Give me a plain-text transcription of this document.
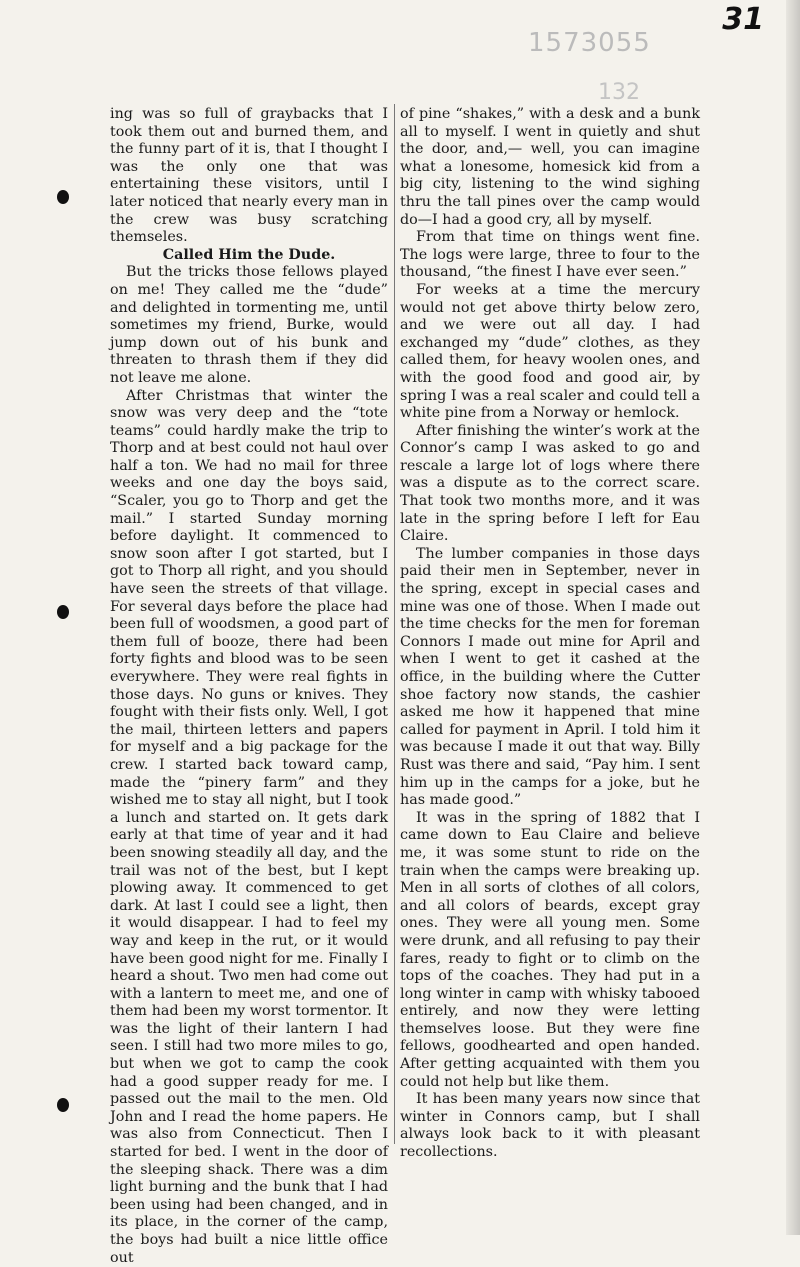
31
1573055
132

ing was so full of graybacks that I took them out and burned them, and the funny part of it is, that I thought I was the only one that was entertaining these visitors, until I later noticed that nearly every man in the crew was busy scratching themseles.

Called Him the Dude.

But the tricks those fellows played on me! They called me the “dude” and delighted in tormenting me, until sometimes my friend, Burke, would jump down out of his bunk and threaten to thrash them if they did not leave me alone.

After Christmas that winter the snow was very deep and the “tote teams” could hardly make the trip to Thorp and at best could not haul over half a ton. We had no mail for three weeks and one day the boys said, “Scaler, you go to Thorp and get the mail.” I started Sunday morning before daylight. It commenced to snow soon after I got started, but I got to Thorp all right, and you should have seen the streets of that village. For several days before the place had been full of woodsmen, a good part of them full of booze, there had been forty fights and blood was to be seen everywhere. They were real fights in those days. No guns or knives. They fought with their fists only. Well, I got the mail, thirteen letters and papers for myself and a big package for the crew. I started back toward camp, made the “pinery farm” and they wished me to stay all night, but I took a lunch and started on. It gets dark early at that time of year and it had been snowing steadily all day, and the trail was not of the best, but I kept plowing away. It commenced to get dark. At last I could see a light, then it would disappear. I had to feel my way and keep in the rut, or it would have been good night for me. Finally I heard a shout. Two men had come out with a lantern to meet me, and one of them had been my worst tormentor. It was the light of their lantern I had seen. I still had two more miles to go, but when we got to camp the cook had a good supper ready for me. I passed out the mail to the men. Old John and I read the home papers. He was also from Connecticut. Then I started for bed. I went in the door of the sleeping shack. There was a dim light burning and the bunk that I had been using had been changed, and in its place, in the corner of the camp, the boys had built a nice little office out

of pine “shakes,” with a desk and a bunk all to myself. I went in quietly and shut the door, and,— well, you can imagine what a lonesome, homesick kid from a big city, listening to the wind sighing thru the tall pines over the camp would do—I had a good cry, all by myself.

From that time on things went fine. The logs were large, three to four to the thousand, “the finest I have ever seen.”

For weeks at a time the mercury would not get above thirty below zero, and we were out all day. I had exchanged my “dude” clothes, as they called them, for heavy woolen ones, and with the good food and good air, by spring I was a real scaler and could tell a white pine from a Norway or hemlock.

After finishing the winter’s work at the Connor’s camp I was asked to go and rescale a large lot of logs where there was a dispute as to the correct scare. That took two months more, and it was late in the spring before I left for Eau Claire.

The lumber companies in those days paid their men in September, never in the spring, except in special cases and mine was one of those. When I made out the time checks for the men for foreman Connors I made out mine for April and when I went to get it cashed at the office, in the building where the Cutter shoe factory now stands, the cashier asked me how it happened that mine called for payment in April. I told him it was because I made it out that way. Billy Rust was there and said, “Pay him. I sent him up in the camps for a joke, but he has made good.”

It was in the spring of 1882 that I came down to Eau Claire and believe me, it was some stunt to ride on the train when the camps were breaking up. Men in all sorts of clothes of all colors, and all colors of beards, except gray ones. They were all young men. Some were drunk, and all refusing to pay their fares, ready to fight or to climb on the tops of the coaches. They had put in a long winter in camp with whisky tabooed entirely, and now they were letting themselves loose. But they were fine fellows, goodhearted and open handed. After getting acquainted with them you could not help but like them.

It has been many years now since that winter in Connors camp, but I shall always look back to it with pleasant recollections.
